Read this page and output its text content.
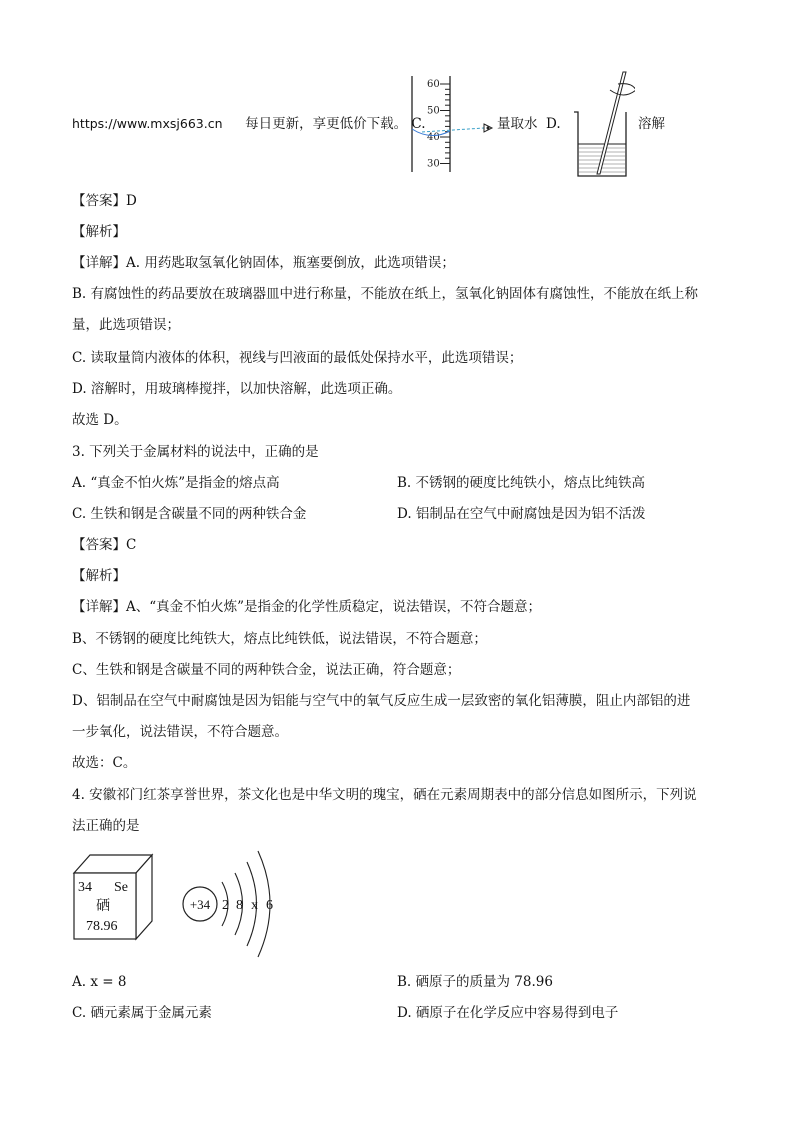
https://www.mxsj663.cn 每日更新，享更低价下载。 C.
60
50
40
30
量取水 D.	溶解
【答案】D
【解析】
【详解】A. 用药匙取氢氧化钠固体，瓶塞要倒放，此选项错误；
B. 有腐蚀性的药品要放在玻璃器皿中进行称量，不能放在纸上，氢氧化钠固体有腐蚀性，不能放在纸上称
量，此选项错误；
C. 读取量筒内液体的体积，视线与凹液面的最低处保持水平，此选项错误；
D. 溶解时，用玻璃棒搅拌，以加快溶解，此选项正确。
故选 D。
3. 下列关于金属材料的说法中，正确的是
A. “真金不怕火炼”是指金的熔点高	B. 不锈钢的硬度比纯铁小，熔点比纯铁高
C. 生铁和钢是含碳量不同的两种铁合金	D. 铝制品在空气中耐腐蚀是因为铝不活泼
【答案】C
【解析】
【详解】A、“真金不怕火炼”是指金的化学性质稳定，说法错误，不符合题意；
B、不锈钢的硬度比纯铁大，熔点比纯铁低，说法错误，不符合题意；
C、生铁和钢是含碳量不同的两种铁合金，说法正确，符合题意；
D、铝制品在空气中耐腐蚀是因为铝能与空气中的氧气反应生成一层致密的氧化铝薄膜，阻止内部铝的进
一步氧化，说法错误，不符合题意。
故选：C。
4. 安徽祁门红茶享誉世界，茶文化也是中华文明的瑰宝，硒在元素周期表中的部分信息如图所示，下列说
法正确的是
34 Se
硒
78.96
+34 2 8 x 6
A. x = 8	B. 硒原子的质量为 78.96
C. 硒元素属于金属元素	D. 硒原子在化学反应中容易得到电子
